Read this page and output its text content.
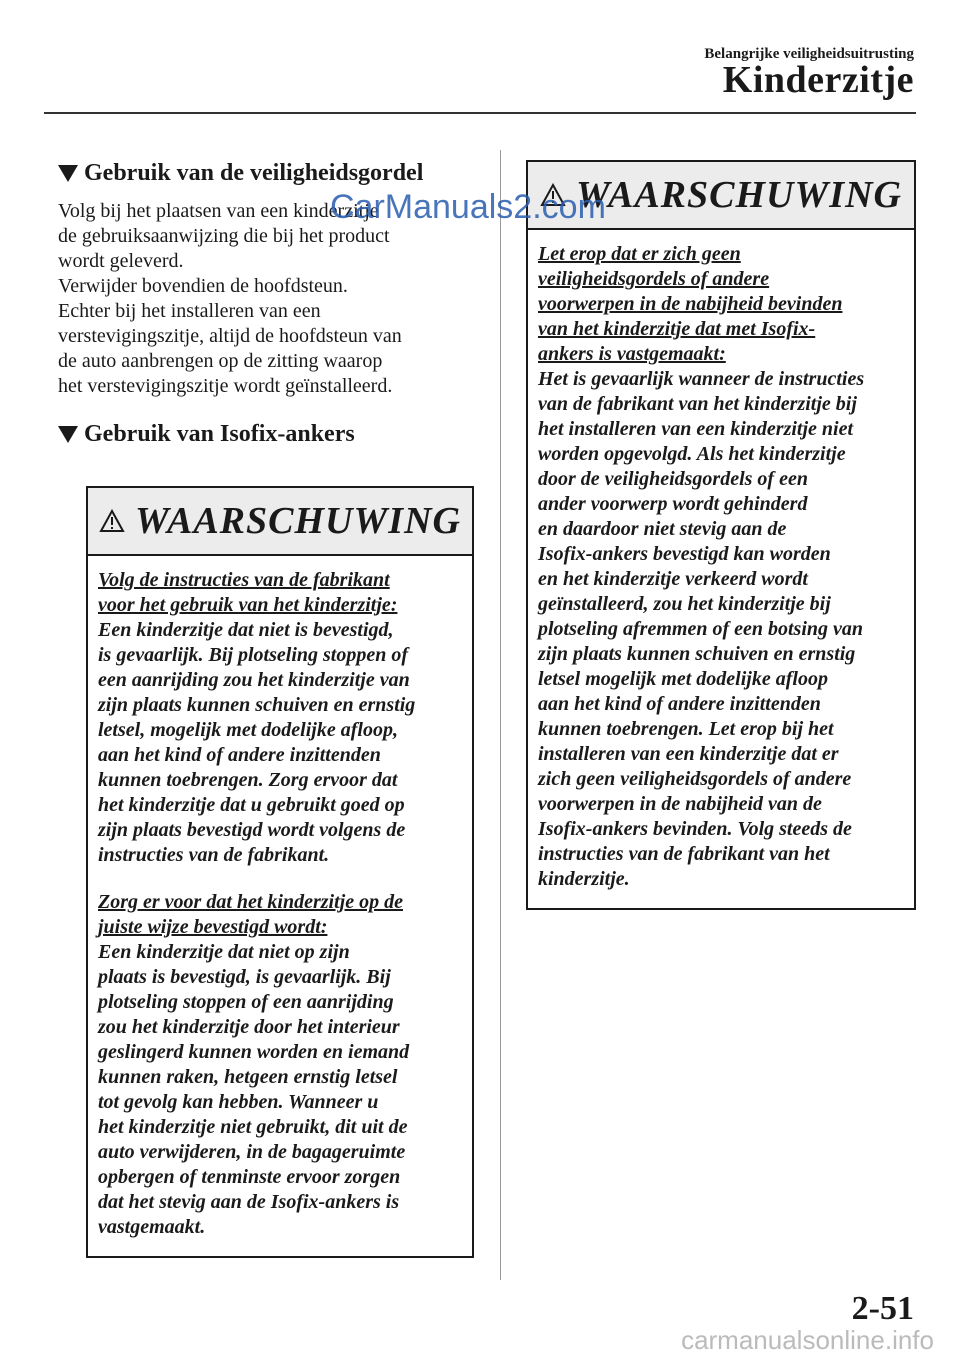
Belangrijke veiligheidsuitrusting
Kinderzitje
Gebruik van de veiligheidsgordel

Volg bij het plaatsen van een kinderzitje

de gebruiksaanwijzing die bij het product

wordt geleverd.

Verwijder bovendien de hoofdsteun.

Echter bij het installeren van een

verstevigingszitje, altijd de hoofdsteun van

de auto aanbrengen op de zitting waarop

het verstevigingszitje wordt geïnstalleerd.

Gebruik van Isofix-ankers
WAARSCHUWING

Volg de instructies van de fabrikant

voor het gebruik van het kinderzitje:

Een kinderzitje dat niet is bevestigd,

is gevaarlijk. Bij plotseling stoppen of

een aanrijding zou het kinderzitje van

zijn plaats kunnen schuiven en ernstig

letsel, mogelijk met dodelijke afloop,

aan het kind of andere inzittenden

kunnen toebrengen. Zorg ervoor dat

het kinderzitje dat u gebruikt goed op

zijn plaats bevestigd wordt volgens de

instructies van de fabrikant.

Zorg er voor dat het kinderzitje op de

juiste wijze bevestigd wordt:

Een kinderzitje dat niet op zijn

plaats is bevestigd, is gevaarlijk. Bij

plotseling stoppen of een aanrijding

zou het kinderzitje door het interieur

geslingerd kunnen worden en iemand

kunnen raken, hetgeen ernstig letsel

tot gevolg kan hebben. Wanneer u

het kinderzitje niet gebruikt, dit uit de

auto verwijderen, in de bagageruimte

opbergen of tenminste ervoor zorgen

dat het stevig aan de Isofix-ankers is

vastgemaakt.

WAARSCHUWING

Let erop dat er zich geen

veiligheidsgordels of andere

voorwerpen in de nabijheid bevinden

van het kinderzitje dat met Isofix-

ankers is vastgemaakt:

Het is gevaarlijk wanneer de instructies

van de fabrikant van het kinderzitje bij

het installeren van een kinderzitje niet

worden opgevolgd. Als het kinderzitje

door de veiligheidsgordels of een

ander voorwerp wordt gehinderd

en daardoor niet stevig aan de

Isofix-ankers bevestigd kan worden

en het kinderzitje verkeerd wordt

geïnstalleerd, zou het kinderzitje bij

plotseling afremmen of een botsing van

zijn plaats kunnen schuiven en ernstig

letsel mogelijk met dodelijke afloop

aan het kind of andere inzittenden

kunnen toebrengen. Let erop bij het

installeren van een kinderzitje dat er

zich geen veiligheidsgordels of andere

voorwerpen in de nabijheid van de

Isofix-ankers bevinden. Volg steeds de

instructies van de fabrikant van het

kinderzitje.

CarManuals2.com
2-51
carmanualsonline.info
